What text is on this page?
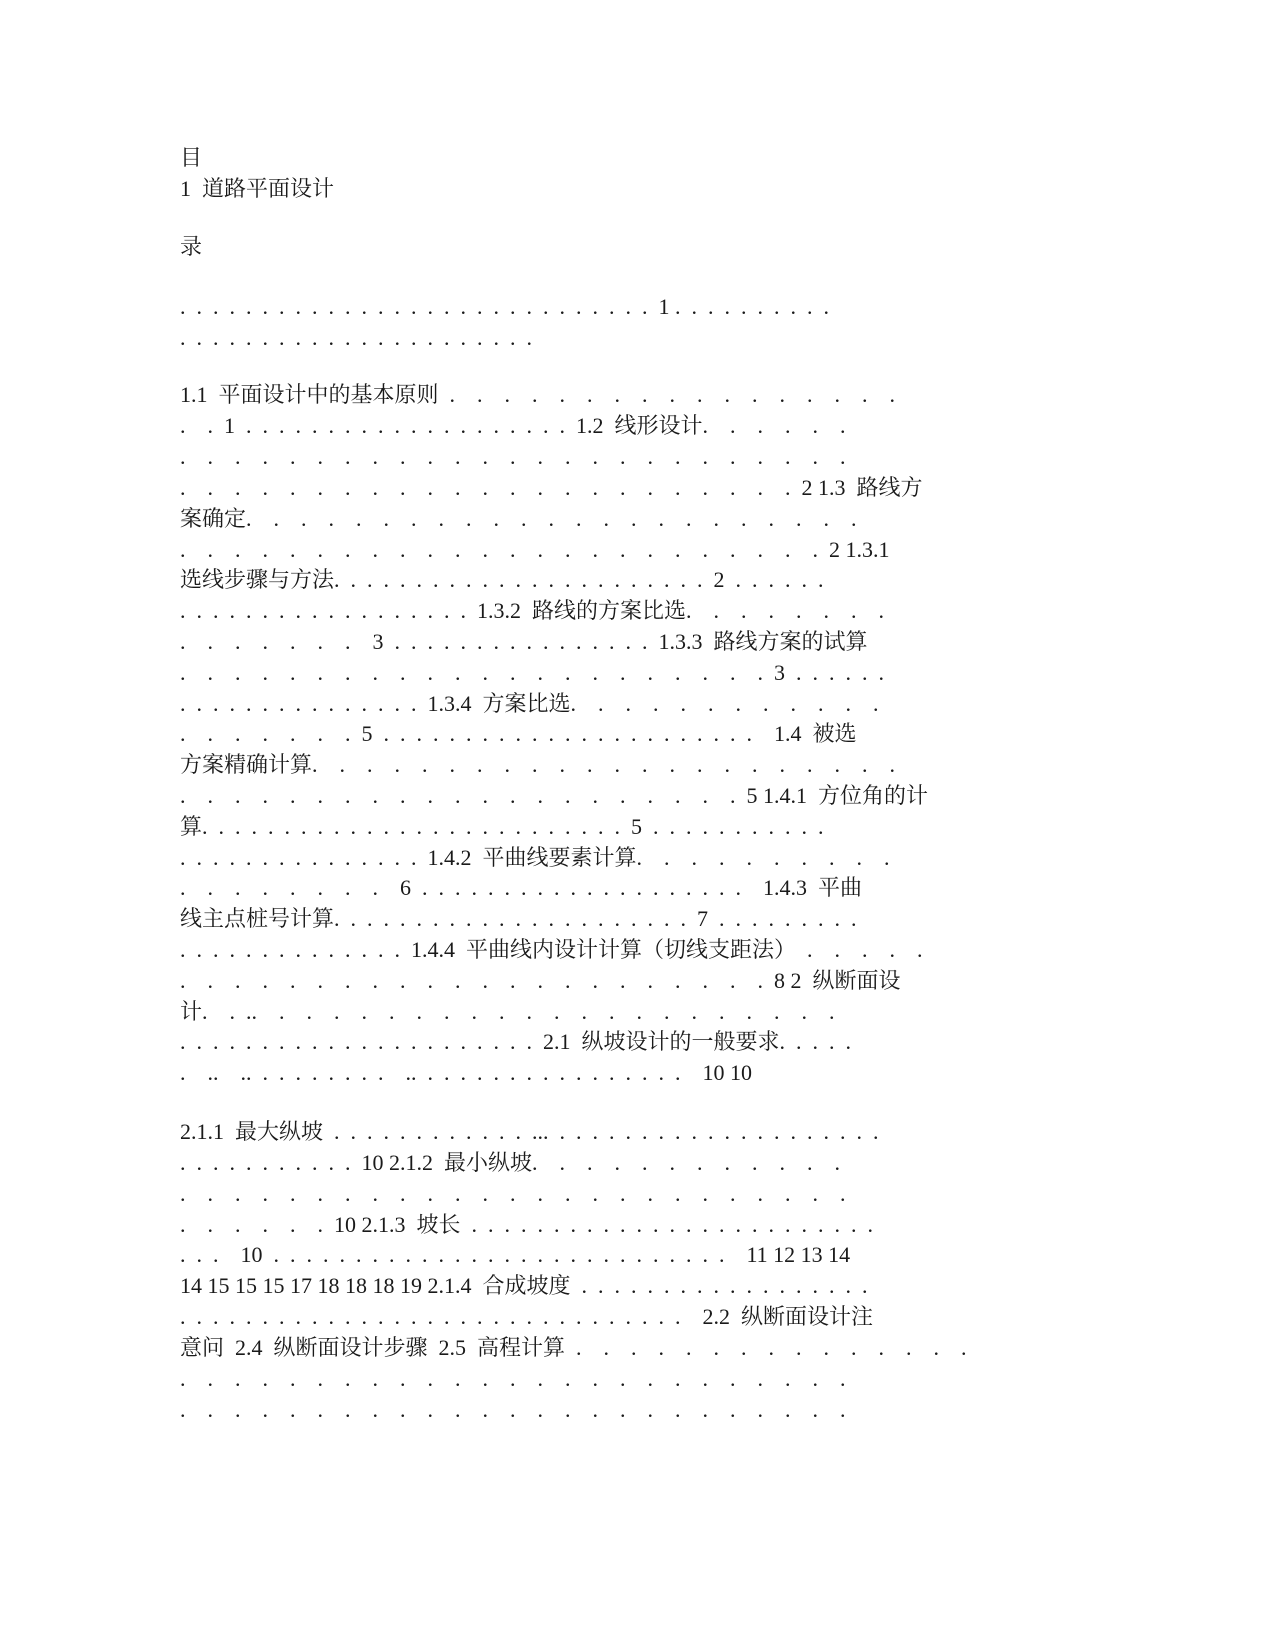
目
1  道路平面设计
录
.  .  .  .  .  .  .  .  .  .  .  .  .  .  .  .  .  .  .  .  .  .  .  .  .  .  .  .  .  1 .  .  .  .  .  .  .  .  .  .
.  .  .  .  .  .  .  .  .  .  .  .  .  .  .  .  .  .  .  .  .  .
1.1  平面设计中的基本原则  .    .    .    .    .    .    .    .    .    .    .    .    .    .    .    .    .
.    .  1  .  .  .  .  .  .  .  .  .  .  .  .  .  .  .  .  .  .  .  .  1.2  线形设计.    .    .    .    .    .
.    .    .    .    .    .    .    .    .    .    .    .    .    .    .    .    .    .    .    .    .    .    .    .    .
.    .    .    .    .    .    .    .    .    .    .    .    .    .    .    .    .    .    .    .    .    .    .  2 1.3  路线方
案确定.    .    .    .    .    .    .    .    .    .    .    .    .    .    .    .    .    .    .    .    .    .    .
.    .    .    .    .    .    .    .    .    .    .    .    .    .    .    .    .    .    .    .    .    .    .    .  2 1.3.1
选线步骤与方法.  .  .  .  .  .  .  .  .  .  .  .  .  .  .  .  .  .  .  .  .  .  .  2  .  .  .  .  .  .
.  .  .  .  .  .  .  .  .  .  .  .  .  .  .  .  .  .  1.3.2  路线的方案比选.    .    .    .    .    .    .    .
.    .    .    .    .    .    .    3  .  .  .  .  .  .  .  .  .  .  .  .  .  .  .  .  1.3.3  路线方案的试算
.    .    .    .    .    .    .    .    .    .    .    .    .    .    .    .    .    .    .    .    .    .  3  .  .  .  .  .  .
.  .  .  .  .  .  .  .  .  .  .  .  .  .  .  1.3.4  方案比选.    .    .    .    .    .    .    .    .    .    .    .
.    .    .    .    .    .    .  5  .  .  .  .  .  .  .  .  .  .  .  .  .  .  .  .  .  .  .  .  .  .  .    1.4  被选
方案精确计算.    .    .    .    .    .    .    .    .    .    .    .    .    .    .    .    .    .    .    .    .    .
.    .    .    .    .    .    .    .    .    .    .    .    .    .    .    .    .    .    .    .    .  5 1.4.1  方位角的计
算.  .  .  .  .  .  .  .  .  .  .  .  .  .  .  .  .  .  .  .  .  .  .  .  .  .  5  .  .  .  .  .  .  .  .  .  .  .
.  .  .  .  .  .  .  .  .  .  .  .  .  .  .  1.4.2  平曲线要素计算.    .    .    .    .    .    .    .    .    .
.    .    .    .    .    .    .    .    6  .  .  .  .  .  .  .  .  .  .  .  .  .  .  .  .  .  .  .  .    1.4.3  平曲
线主点桩号计算.  .  .  .  .  .  .  .  .  .  .  .  .  .  .  .  .  .  .  .  .  .  7  .  .  .  .  .  .  .  .  .
.  .  .  .  .  .  .  .  .  .  .  .  .  .  1.4.4  平曲线内设计计算（切线支距法）  .    .    .    .    .
.    .    .    .    .    .    .    .    .    .    .    .    .    .    .    .    .    .    .    .    .    .  8 2  纵断面设
计.    .  ..    .    .    .    .    .    .    .    .    .    .    .    .    .    .    .    .    .    .    .    .    .
.  .  .  .  .  .  .  .  .  .  .  .  .  .  .  .  .  .  .  .  .  .  2.1  纵坡设计的一般要求.  .  .  .  .
.    ..    ..  .  .  .  .  .  .  .  .    ..  .  .  .  .  .  .  .  .  .  .  .  .  .  .  .  .    10 10
2.1.1  最大纵坡  .  .  .  .  .  .  .  .  .  .  .  .  ...  .  .  .  .  .  .  .  .  .  .  .  .  .  .  .  .  .  .  .  .
.  .  .  .  .  .  .  .  .  .  .  10 2.1.2  最小纵坡.    .    .    .    .    .    .    .    .    .    .    .
.    .    .    .    .    .    .    .    .    .    .    .    .    .    .    .    .    .    .    .    .    .    .    .    .
.    .    .    .    .    .  10 2.1.3  坡长  .  .  .  .  .  .  .  .  .  .  .  .  .  .  .  .  .  .  .  .  .  .  .  .  .
.  .  .    10  .  .  .  .  .  .  .  .  .  .  .  .  .  .  .  .  .  .  .  .  .  .  .  .  .  .  .  .    11 12 13 14
14 15 15 15 17 18 18 18 19 2.1.4  合成坡度  .  .  .  .  .  .  .  .  .  .  .  .  .  .  .  .  .  .
.  .  .  .  .  .  .  .  .  .  .  .  .  .  .  .  .  .  .  .  .  .  .  .  .  .  .  .  .  .  .    2.2  纵断面设计注
意问  2.4  纵断面设计步骤  2.5  高程计算  .    .    .    .    .    .    .    .    .    .    .    .    .    .    .
.    .    .    .    .    .    .    .    .    .    .    .    .    .    .    .    .    .    .    .    .    .    .    .    .
.    .    .    .    .    .    .    .    .    .    .    .    .    .    .    .    .    .    .    .    .    .    .    .    .
